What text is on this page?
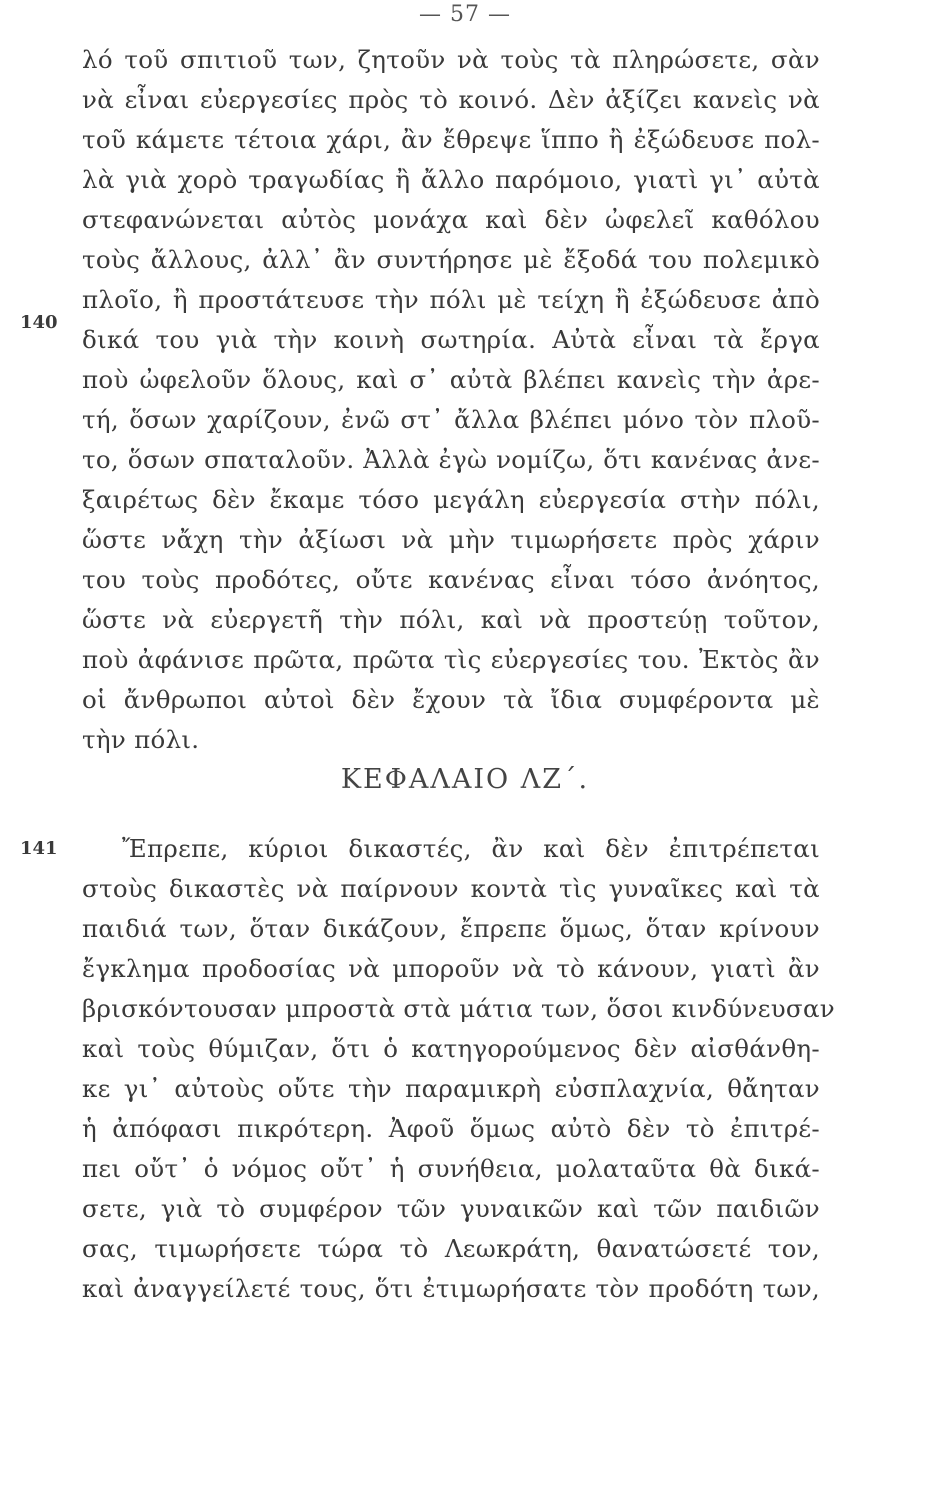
— 57 —
λό τοῦ σπιτιοῦ των, ζητοῦν νὰ τοὺς τὰ πληρώσετε, σὰν
νὰ εἶναι εὐεργεσίες πρὸς τὸ κοινό. Δὲν ἀξίζει κανεὶς νὰ
τοῦ κάμετε τέτοια χάρι, ἂν ἔθρεψε ἵππο ἢ ἐξώδευσε πολ-
λὰ γιὰ χορὸ τραγωδίας ἢ ἄλλο παρόμοιο, γιατὶ γι᾽ αὐτὰ
στεφανώνεται αὐτὸς μονάχα καὶ δὲν ὠφελεῖ καθόλου
τοὺς ἄλλους, ἀλλ᾽ ἂν συντήρησε μὲ ἔξοδά του πολεμικὸ
πλοῖο, ἢ προστάτευσε τὴν πόλι μὲ τείχη ἢ ἐξώδευσε ἀπὸ
δικά του γιὰ τὴν κοινὴ σωτηρία. Αὐτὰ εἶναι τὰ ἔργα
ποὺ ὠφελοῦν ὅλους, καὶ σ᾽ αὐτὰ βλέπει κανεὶς τὴν ἀρε-
τή, ὅσων χαρίζουν, ἐνῶ στ᾽ ἄλλα βλέπει μόνο τὸν πλοῦ-
το, ὅσων σπαταλοῦν. Ἀλλὰ ἐγὼ νομίζω, ὅτι κανένας ἀνε-
ξαιρέτως δὲν ἔκαμε τόσο μεγάλη εὐεργεσία στὴν πόλι,
ὥστε νἄχη τὴν ἀξίωσι νὰ μὴν τιμωρήσετε πρὸς χάριν
του τοὺς προδότες, οὔτε κανένας εἶναι τόσο ἀνόητος,
ὥστε νὰ εὐεργετῆ τὴν πόλι, καὶ νὰ προστεύῃ τοῦτον,
ποὺ ἀφάνισε πρῶτα, πρῶτα τὶς εὐεργεσίες του. Ἐκτὸς ἂν
οἱ ἄνθρωποι αὐτοὶ δὲν ἔχουν τὰ ἴδια συμφέροντα μὲ
τὴν πόλι.
140
ΚΕΦΑΛΑΙΟ ΛΖ΄.
141	Ἔπρεπε, κύριοι δικαστές, ἂν καὶ δὲν ἐπιτρέπεται
στοὺς δικαστὲς νὰ παίρνουν κοντὰ τὶς γυναῖκες καὶ τὰ
παιδιά των, ὅταν δικάζουν, ἔπρεπε ὅμως, ὅταν κρίνουν
ἔγκλημα προδοσίας νὰ μποροῦν νὰ τὸ κάνουν, γιατὶ ἂν
βρισκόντουσαν μπροστὰ στὰ μάτια των, ὅσοι κινδύνευσαν
καὶ τοὺς θύμιζαν, ὅτι ὁ κατηγορούμενος δὲν αἰσθάνθη-
κε γι᾽ αὐτοὺς οὔτε τὴν παραμικρὴ εὐσπλαχνία, θἄηταν
ἡ ἀπόφασι πικρότερη. Ἀφοῦ ὅμως αὐτὸ δὲν τὸ ἐπιτρέ-
πει οὔτ᾽ ὁ νόμος οὔτ᾽ ἡ συνήθεια, μολαταῦτα θὰ δικά-
σετε, γιὰ τὸ συμφέρον τῶν γυναικῶν καὶ τῶν παιδιῶν
σας, τιμωρήσετε τώρα τὸ Λεωκράτη, θανατώσετέ τον,
καὶ ἀναγγείλετέ τους, ὅτι ἐτιμωρήσατε τὸν προδότη των,
